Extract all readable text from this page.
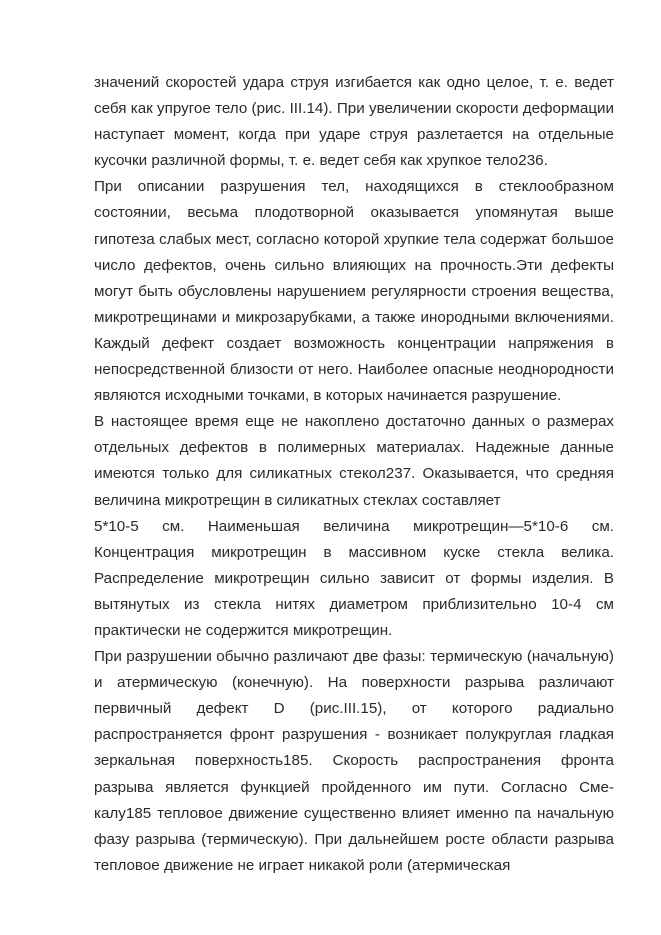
значений скоростей удара струя изгибается как одно целое, т. е. ведет себя как упругое тело (рис. III.14). При увеличении скорости деформации наступает момент, когда при ударе струя разлетается на отдельные кусочки различной формы, т. е. ведет себя как хрупкое тело236.

При описании разрушения тел, находящихся в стеклообразном состоянии, весьма плодотворной оказывается упомянутая выше гипотеза слабых мест, согласно которой хрупкие тела содержат большое число дефектов, очень сильно влияющих на прочность.Эти дефекты могут быть обусловлены нарушением регулярности строения вещества, микротрещинами и микрозарубками, а также инородными включениями. Каждый дефект создает возможность концентрации напряжения в непосредственной близости от него. Наиболее опасные неоднородности являются исходными точками, в которых начинается разрушение.

В настоящее время еще не накоплено достаточно данных о размерах отдельных дефектов в полимерных материалах. Надежные данные имеются только для силикатных стекол237. Оказывается, что средняя величина микротрещин в силикатных стеклах составляет

5*10-5 см. Наименьшая величина микротрещин—5*10-6 см. Концентрация микротрещин в массивном куске стекла велика. Распределение микротрещин сильно зависит от формы изделия. В вытянутых из стекла нитях диаметром приблизительно 10-4 см практически не содержится микротрещин.

При разрушении обычно различают две фазы: термическую (начальную) и атермическую (конечную). На поверхности разрыва различают первичный дефект D (рис.III.15), от которого радиально распространяется фронт разрушения - возникает полукруглая гладкая зеркальная поверхность185. Скорость распространения фронта разрыва является функцией пройденного им пути. Согласно Сме-калу185 тепловое движение существенно влияет именно па начальную фазу разрыва (термическую). При дальнейшем росте области разрыва тепловое движение не играет никакой роли (атермическая
